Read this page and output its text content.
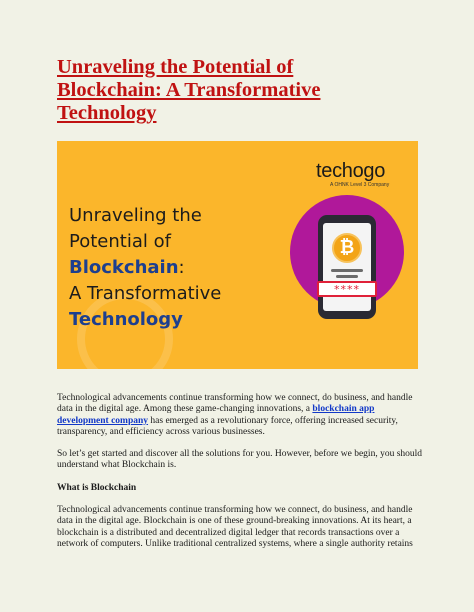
Unraveling the Potential of
Blockchain: A Transformative
Technology
techogo
A OHNK Level 3 Company
Unraveling the
Potential of
Blockchain:
A Transformative
Technology
₿
****

Technological advancements continue transforming how we connect, do business, and handle data in the digital age. Among these game-changing innovations, a blockchain app development company has emerged as a revolutionary force, offering increased security, transparency, and efficiency across various businesses.

So let’s get started and discover all the solutions for you. However, before we begin, you should understand what Blockchain is.

What is Blockchain

Technological advancements continue transforming how we connect, do business, and handle data in the digital age. Blockchain is one of these ground-breaking innovations. At its heart, a blockchain is a distributed and decentralized digital ledger that records transactions over a network of computers. Unlike traditional centralized systems, where a single authority retains
